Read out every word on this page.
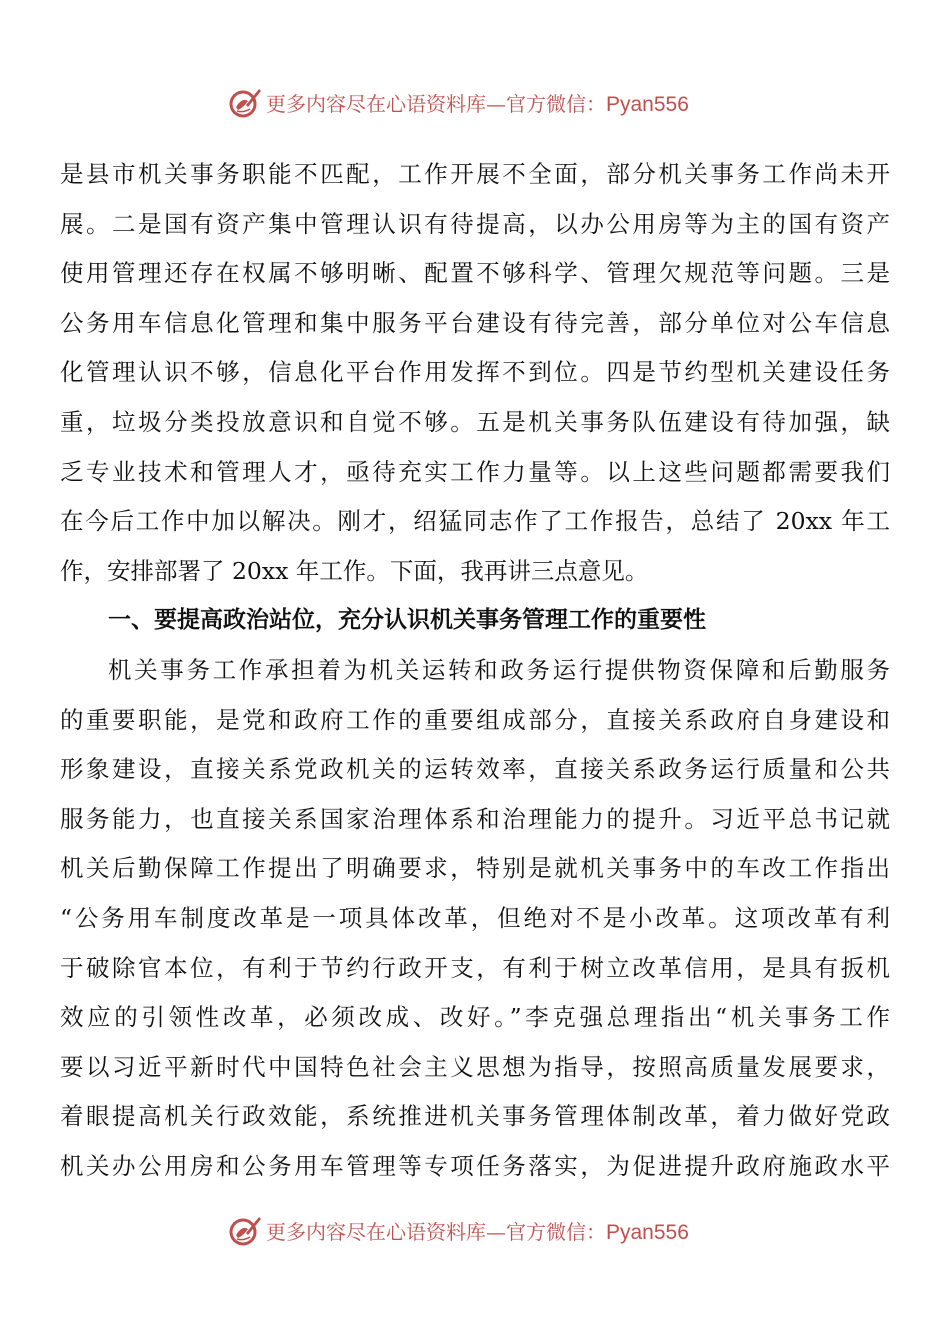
更多内容尽在心语资料库—官方微信：Pyan556
是县市机关事务职能不匹配，工作开展不全面，部分机关事务工作尚未开
展。二是国有资产集中管理认识有待提高，以办公用房等为主的国有资产
使用管理还存在权属不够明晰、配置不够科学、管理欠规范等问题。三是
公务用车信息化管理和集中服务平台建设有待完善，部分单位对公车信息
化管理认识不够，信息化平台作用发挥不到位。四是节约型机关建设任务
重，垃圾分类投放意识和自觉不够。五是机关事务队伍建设有待加强，缺
乏专业技术和管理人才，亟待充实工作力量等。以上这些问题都需要我们
在今后工作中加以解决。刚才，绍猛同志作了工作报告，总结了 20xx 年工
作，安排部署了 20xx 年工作。下面，我再讲三点意见。
一、要提高政治站位，充分认识机关事务管理工作的重要性
机关事务工作承担着为机关运转和政务运行提供物资保障和后勤服务
的重要职能，是党和政府工作的重要组成部分，直接关系政府自身建设和
形象建设，直接关系党政机关的运转效率，直接关系政务运行质量和公共
服务能力，也直接关系国家治理体系和治理能力的提升。习近平总书记就
机关后勤保障工作提出了明确要求，特别是就机关事务中的车改工作指出
“公务用车制度改革是一项具体改革，但绝对不是小改革。这项改革有利
于破除官本位，有利于节约行政开支，有利于树立改革信用，是具有扳机
效应的引领性改革，必须改成、改好。”李克强总理指出“机关事务工作
要以习近平新时代中国特色社会主义思想为指导，按照高质量发展要求，
着眼提高机关行政效能，系统推进机关事务管理体制改革，着力做好党政
机关办公用房和公务用车管理等专项任务落实，为促进提升政府施政水平
更多内容尽在心语资料库—官方微信：Pyan556
